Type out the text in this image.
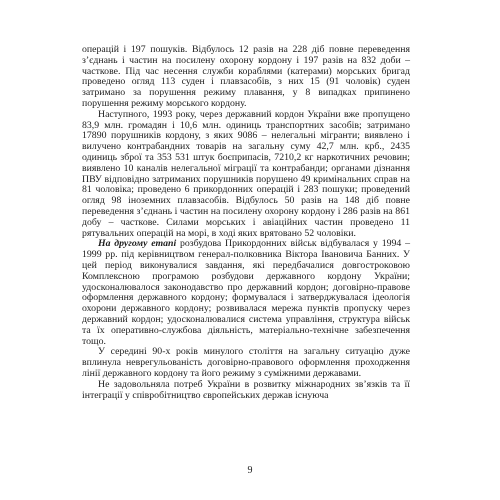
операцій і 197 пошуків. Відбулось 12 разів на 228 діб повне переведення з’єднань і частин на посилену охорону кордону і 197 разів на 832 доби – часткове. Під час несення служби кораблями (катерами) морських бригад проведено огляд 113 суден і плавзасобів, з них 15 (91 чоловік) суден затримано за порушення режиму плавання, у 8 випадках припинено порушення режиму морського кордону.

Наступного, 1993 року, через державний кордон України вже пропущено 83,9 млн. громадян і 10,6 млн. одиниць транспортних засобів; затримано 17890 порушників кордону, з яких 9086 – нелегальні мігранти; виявлено і вилучено контрабандних товарів на загальну суму 42,7 млн. крб., 2435 одиниць зброї та 353 531 штук боєприпасів, 7210,2 кг наркотичних речовин; виявлено 10 каналів нелегальної міграції та контрабанди; органами дізнання ПВУ відповідно затриманих порушників порушено 49 кримінальних справ на 81 чоловіка; проведено 6 прикордонних операцій і 283 пошуки; проведений огляд 98 іноземних плавзасобів. Відбулось 50 разів на 148 діб повне переведення з’єднань і частин на посилену охорону кордону і 286 разів на 861 добу – часткове. Силами морських і авіаційних частин проведено 11 рятувальних операцій на морі, в ході яких врятовано 52 чоловіки.

На другому етапі розбудова Прикордонних військ відбувалася у 1994 – 1999 рр. під керівництвом генерал-полковника Віктора Івановича Банних. У цей період виконувалися завдання, які передбачалися довгостроковою Комплексною програмою розбудови державного кордону України; удосконалювалося законодавство про державний кордон; договірно-правове оформлення державного кордону; формувалася і затверджувалася ідеологія охорони державного кордону; розвивалася мережа пунктів пропуску через державний кордон; удосконалювалися система управління, структура військ та їх оперативно-службова діяльність, матеріально-технічне забезпечення тощо.

У середині 90-х років минулого століття на загальну ситуацію дуже вплинула неврегульованість договірно-правового оформлення проходження лінії державного кордону та його режиму з суміжними державами.

Не задовольняла потреб України в розвитку міжнародних зв’язків та її інтеграції у співробітництво європейських держав існуюча

9
